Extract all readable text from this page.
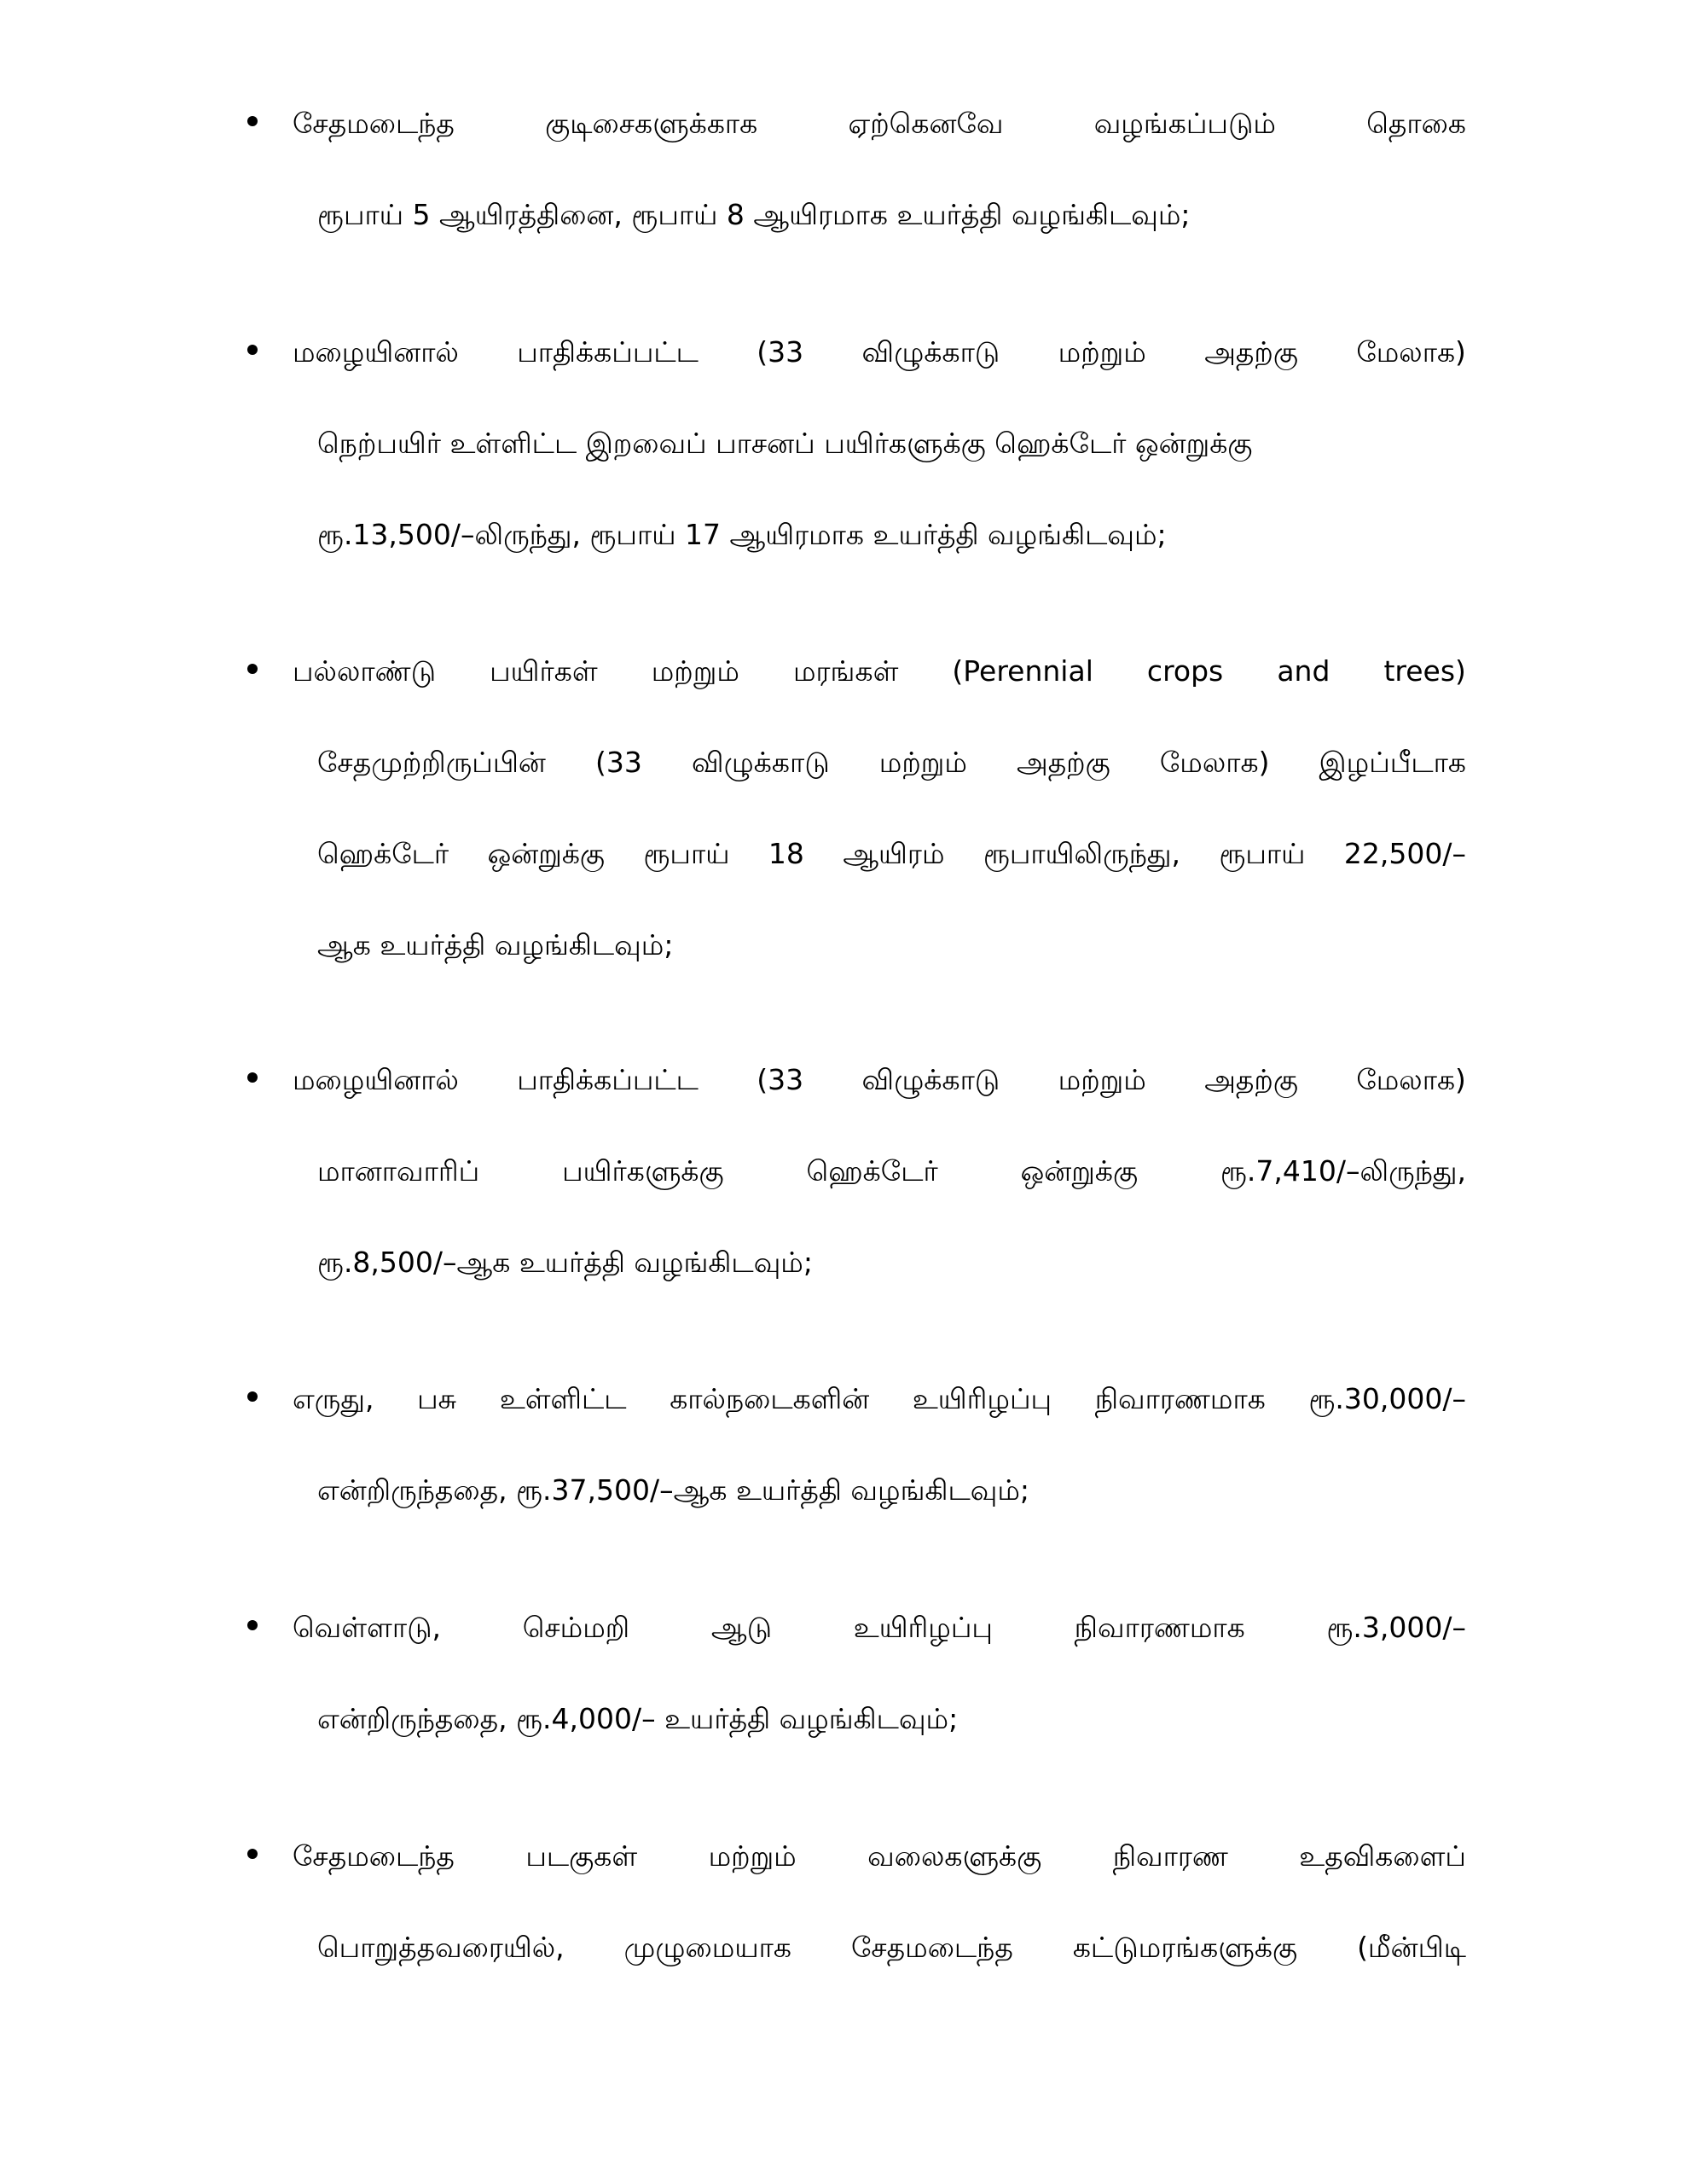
சேதமடைந்த	குடிசைகளுக்காக	ஏற்கெனவே	வழங்கப்படும்	தொகை
ரூபாய் 5 ஆயிரத்தினை, ரூபாய் 8 ஆயிரமாக உயர்த்தி வழங்கிடவும்;
மழையினால் பாதிக்கப்பட்ட (33 விழுக்காடு மற்றும் அதற்கு மேலாக)
நெற்பயிர் உள்ளிட்ட இறவைப் பாசனப் பயிர்களுக்கு ஹெக்டேர் ஒன்றுக்கு
ரூ.13,500/–லிருந்து, ரூபாய் 17 ஆயிரமாக உயர்த்தி வழங்கிடவும்;
பல்லாண்டு பயிர்கள் மற்றும் மரங்கள் (Perennial crops and trees)
சேதமுற்றிருப்பின் (33 விழுக்காடு மற்றும் அதற்கு மேலாக) இழப்பீடாக
ஹெக்டேர் ஒன்றுக்கு ரூபாய் 18 ஆயிரம் ரூபாயிலிருந்து, ரூபாய் 22,500/–
ஆக உயர்த்தி வழங்கிடவும்;
மழையினால் பாதிக்கப்பட்ட (33 விழுக்காடு மற்றும் அதற்கு மேலாக)
மானாவாரிப்	பயிர்களுக்கு	ஹெக்டேர்	ஒன்றுக்கு	ரூ.7,410/–லிருந்து,
ரூ.8,500/–ஆக உயர்த்தி வழங்கிடவும்;
எருது, பசு உள்ளிட்ட கால்நடைகளின் உயிரிழப்பு நிவாரணமாக ரூ.30,000/–
என்றிருந்ததை, ரூ.37,500/–ஆக உயர்த்தி வழங்கிடவும்;
வெள்ளாடு,	செம்மறி	ஆடு	உயிரிழப்பு	நிவாரணமாக	ரூ.3,000/–
என்றிருந்ததை, ரூ.4,000/– உயர்த்தி வழங்கிடவும்;
சேதமடைந்த	படகுகள்	மற்றும்	வலைகளுக்கு	நிவாரண	உதவிகளைப்
பொறுத்தவரையில், முழுமையாக சேதமடைந்த கட்டுமரங்களுக்கு (மீன்பிடி
